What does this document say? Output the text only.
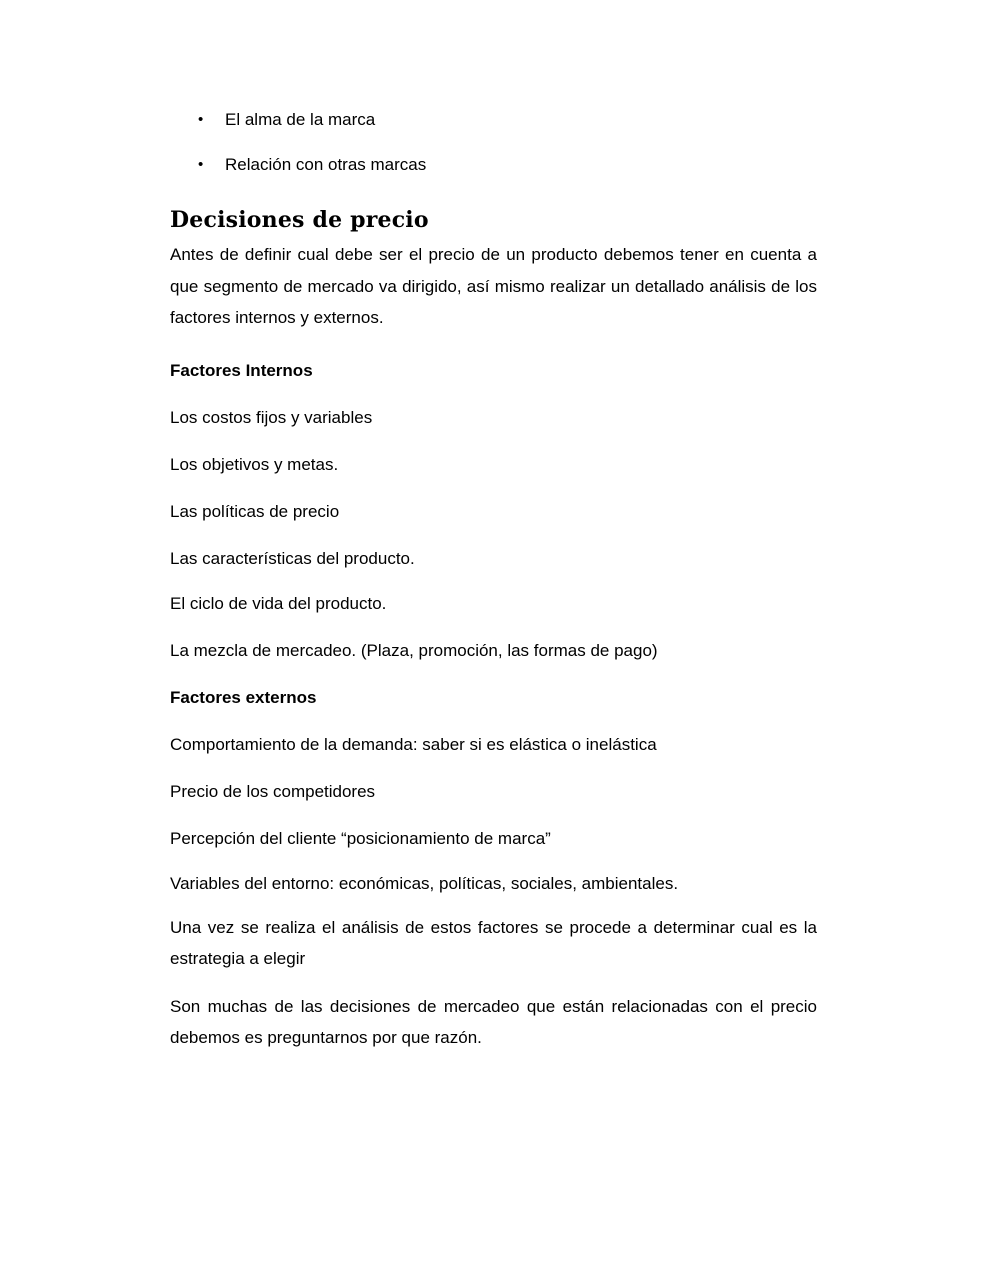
•	El alma de la marca
•	Relación con otras marcas
Decisiones de precio

Antes de definir cual debe ser el precio de un producto debemos tener en cuenta a que segmento de mercado va dirigido, así mismo realizar un detallado análisis de los factores internos y externos.

Factores Internos

Los costos fijos y variables

Los objetivos y metas.

Las políticas de precio

Las características del producto.

El ciclo de vida del producto.

La mezcla de mercadeo. (Plaza, promoción, las formas de pago)

Factores externos

Comportamiento de la demanda: saber si es elástica o inelástica

Precio de los competidores

Percepción del cliente “posicionamiento de marca”

Variables del entorno: económicas, políticas, sociales, ambientales.

Una vez se realiza el análisis de estos factores se procede a determinar cual es la estrategia a elegir

Son muchas de las decisiones de mercadeo que están relacionadas con el precio debemos es preguntarnos por que razón.
